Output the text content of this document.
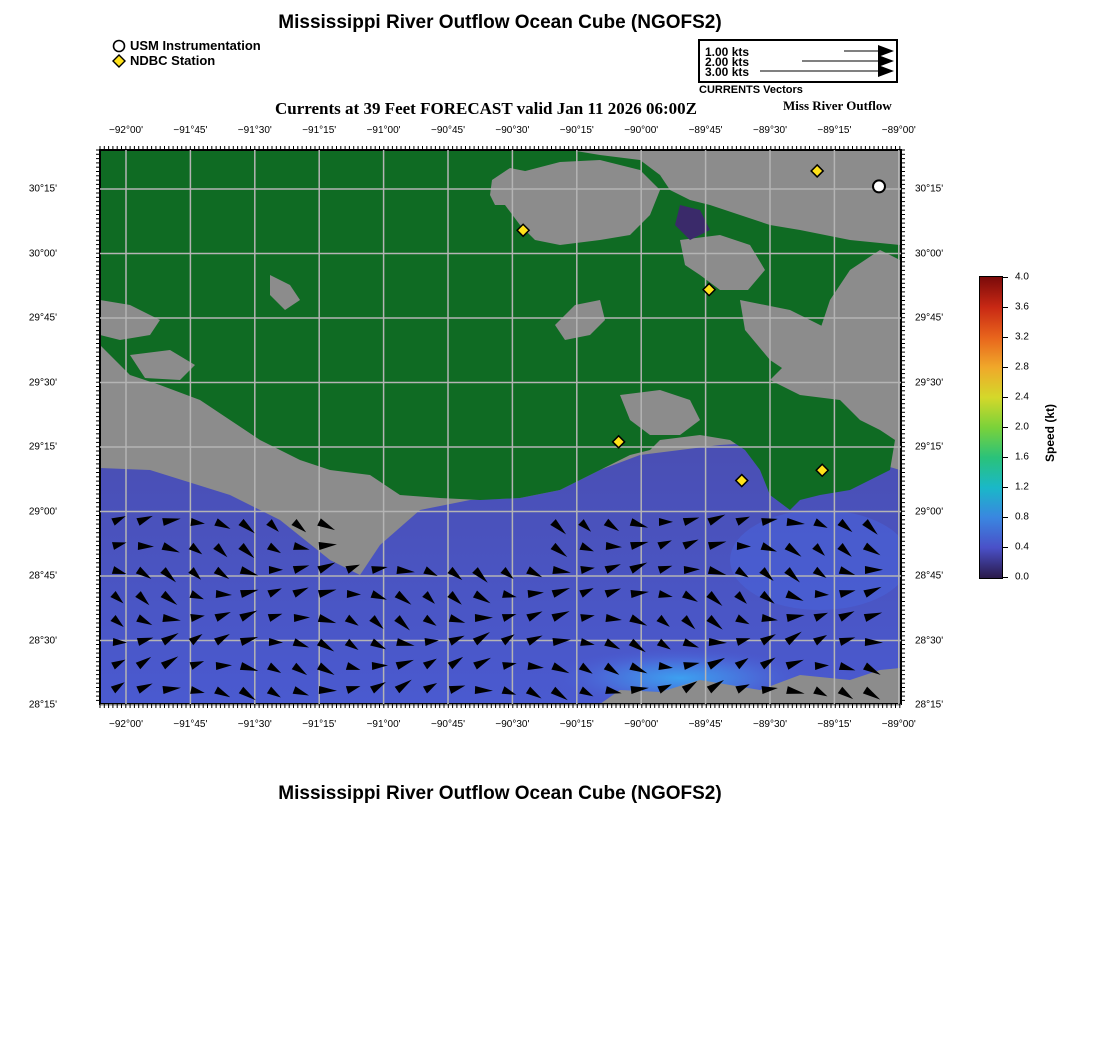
Mississippi River Outflow Ocean Cube (NGOFS2)
USM Instrumentation
NDBC Station
1.00 kts
2.00 kts
3.00 kts
CURRENTS Vectors
Currents at 39 Feet FORECAST valid Jan 11 2026 06:00Z	Miss River Outflow
−92°00'	−91°45'	−91°30'	−91°15'	−91°00'	−90°45'	−90°30'	−90°15'	−90°00'	−89°45'	−89°30'	−89°15'	−89°00'
−92°00'	−91°45'	−91°30'	−91°15'	−91°00'	−90°45'	−90°30'	−90°15'	−90°00'	−89°45'	−89°30'	−89°15'	−89°00'
30°15'
30°00'
29°45'
29°30'
29°15'
29°00'
28°45'
28°30'
28°15'
30°15'
30°00'
29°45'
29°30'
29°15'
29°00'
28°45'
28°30'
28°15'
4.0
3.6
3.2
2.8
2.4
2.0
1.6
1.2
0.8
0.4
0.0
Speed (kt)
Mississippi River Outflow Ocean Cube (NGOFS2)
